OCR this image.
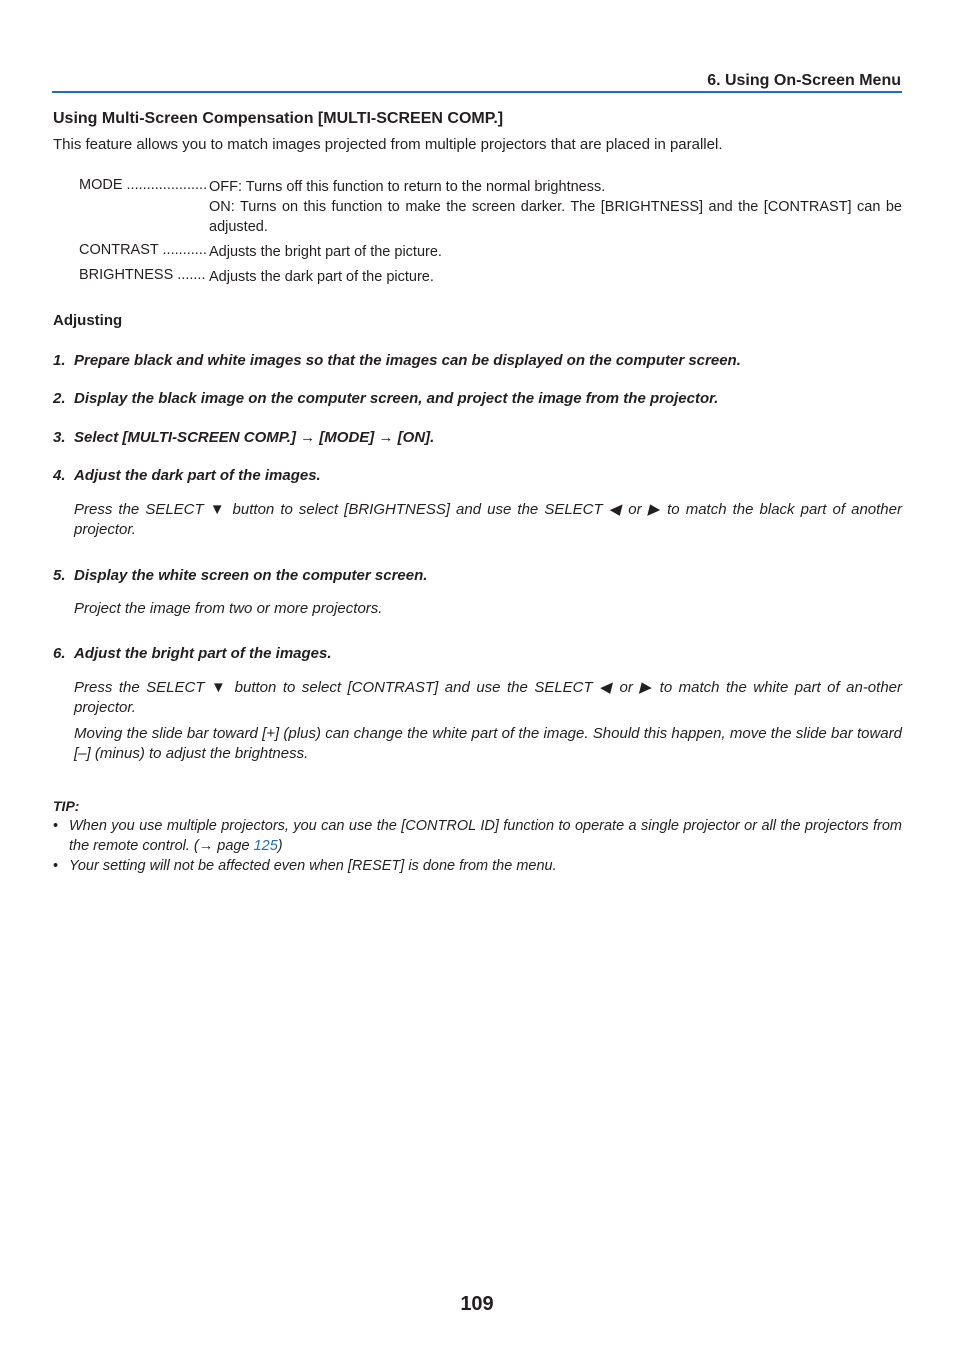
6. Using On-Screen Menu
Using Multi-Screen Compensation [MULTI-SCREEN COMP.]
This feature allows you to match images projected from multiple projectors that are placed in parallel.
MODE .....	OFF: Turns off this function to return to the normal brightness.
ON: Turns on this function to make the screen darker. The [BRIGHTNESS] and the [CONTRAST] can be adjusted.
CONTRAST .....	Adjusts the bright part of the picture.
BRIGHTNESS .....	Adjusts the dark part of the picture.
Adjusting
1. Prepare black and white images so that the images can be displayed on the computer screen.
2. Display the black image on the computer screen, and project the image from the projector.
3. Select [MULTI-SCREEN COMP.] → [MODE] → [ON].
4. Adjust the dark part of the images.
Press the SELECT ▼ button to select [BRIGHTNESS] and use the SELECT ◀ or ▶ to match the black part of another projector.
5. Display the white screen on the computer screen.
Project the image from two or more projectors.
6. Adjust the bright part of the images.
Press the SELECT ▼ button to select [CONTRAST] and use the SELECT ◀ or ▶ to match the white part of an-other projector.
Moving the slide bar toward [+] (plus) can change the white part of the image. Should this happen, move the slide bar toward [–] (minus) to adjust the brightness.
TIP:
• When you use multiple projectors, you can use the [CONTROL ID] function to operate a single projector or all the projectors from the remote control. (→ page 125)
• Your setting will not be affected even when [RESET] is done from the menu.
109
